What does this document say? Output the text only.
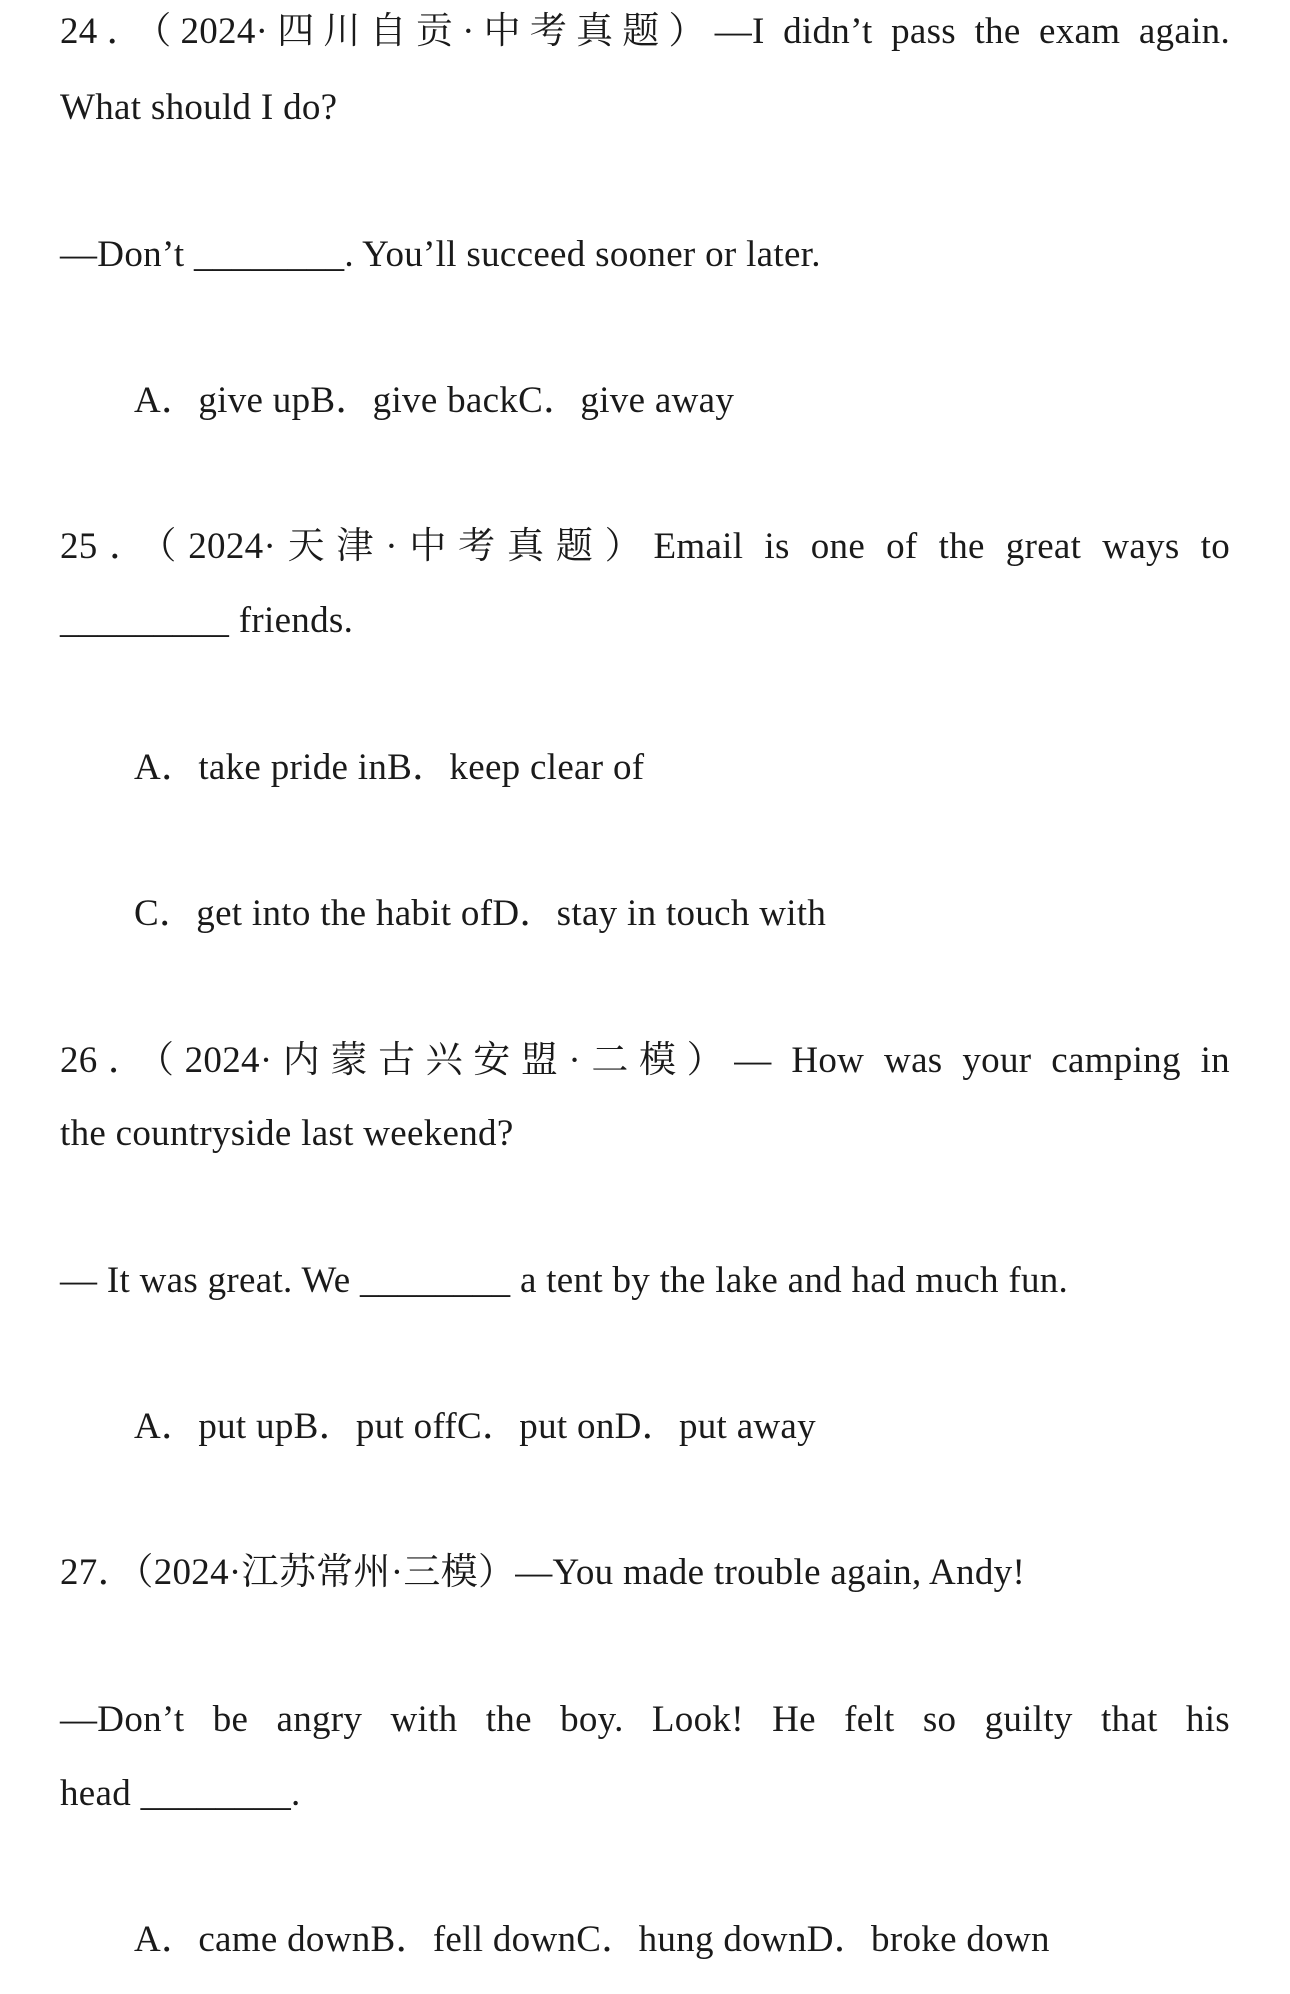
24．（2024·四川自贡·中考真题）—I didn’t pass the exam again.
What should I do?
—Don’t ________. You’ll succeed sooner or later.
A．give upB．give backC．give away
25．（2024·天津·中考真题）Email is one of the great ways to
_________ friends.
A．take pride inB．keep clear of
C．get into the habit ofD．stay in touch with
26．（2024·内蒙古兴安盟·二模）— How was your camping in
the countryside last weekend?
— It was great. We ________ a tent by the lake and had much fun.
A．put upB．put offC．put onD．put away
27．（2024·江苏常州·三模）—You made trouble again, Andy!
—Don’t be angry with the boy. Look! He felt so guilty that his
head ________.
A．came downB．fell downC．hung downD．broke down
